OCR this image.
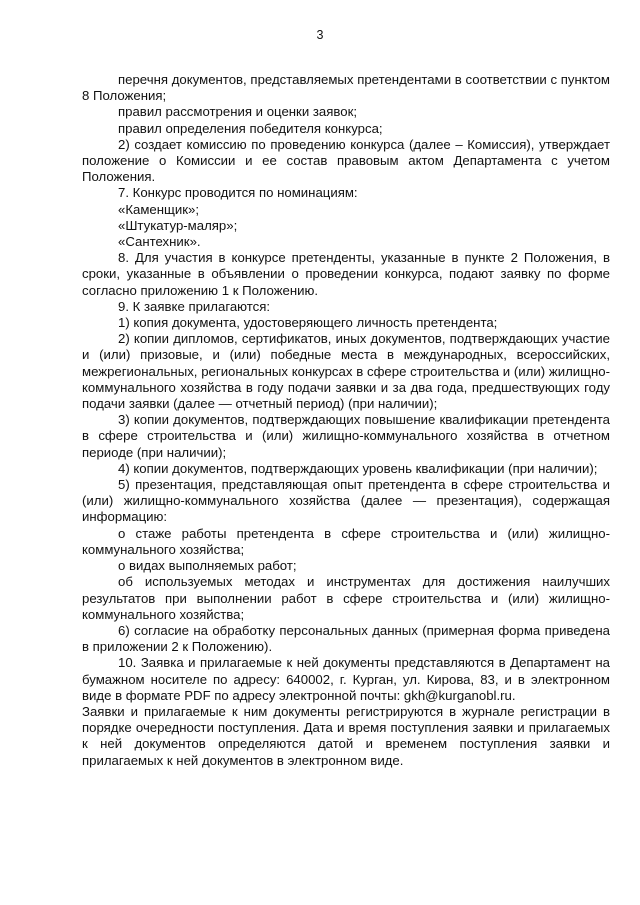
3

перечня документов, представляемых претендентами в соответствии с пунктом 8 Положения;

правил рассмотрения и оценки заявок;

правил определения победителя конкурса;

2) создает комиссию по проведению конкурса (далее – Комиссия), утверждает положение о Комиссии и ее состав правовым актом Департамента с учетом Положения.

7. Конкурс проводится по номинациям:

«Каменщик»;

«Штукатур-маляр»;

«Сантехник».

8. Для участия в конкурсе претенденты, указанные в пункте 2 Положения, в сроки, указанные в объявлении о проведении конкурса, подают заявку по форме согласно приложению 1 к Положению.

9. К заявке прилагаются:

1) копия документа, удостоверяющего личность претендента;

2) копии дипломов, сертификатов, иных документов, подтверждающих участие и (или) призовые, и (или) победные места в международных, всероссийских, межрегиональных, региональных конкурсах в сфере строительства и (или) жилищно-коммунального хозяйства в году подачи заявки и за два года, предшествующих году подачи заявки (далее — отчетный период) (при наличии);

3) копии документов, подтверждающих повышение квалификации претендента в сфере строительства и (или) жилищно-коммунального хозяйства в отчетном периоде (при наличии);

4) копии документов, подтверждающих уровень квалификации (при наличии);

5) презентация, представляющая опыт претендента в сфере строительства и (или) жилищно-коммунального хозяйства (далее — презентация), содержащая информацию:

о стаже работы претендента в сфере строительства и (или) жилищно-коммунального хозяйства;

о видах выполняемых работ;

об используемых методах и инструментах для достижения наилучших результатов при выполнении работ в сфере строительства и (или) жилищно-коммунального хозяйства;

6) согласие на обработку персональных данных (примерная форма приведена в приложении 2 к Положению).

10. Заявка и прилагаемые к ней документы представляются в Департамент на бумажном носителе по адресу: 640002, г. Курган, ул. Кирова, 83, и в электронном виде в формате PDF по адресу электронной почты: gkh@kurganobl.ru.

Заявки и прилагаемые к ним документы регистрируются в журнале регистрации в порядке очередности поступления. Дата и время поступления заявки и прилагаемых к ней документов определяются датой и временем поступления заявки и прилагаемых к ней документов в электронном виде.
